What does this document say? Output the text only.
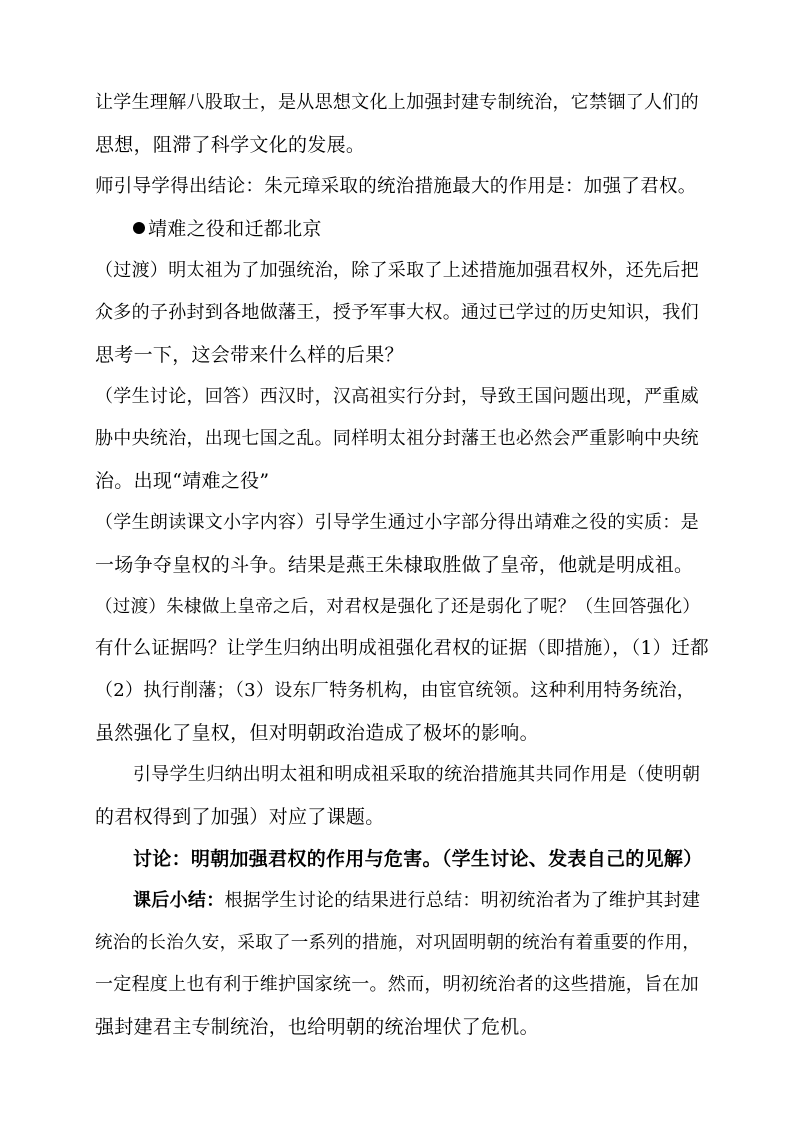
让学生理解八股取士，是从思想文化上加强封建专制统治，它禁锢了人们的
思想，阻滞了科学文化的发展。
师引导学得出结论：朱元璋采取的统治措施最大的作用是：加强了君权。
靖难之役和迁都北京
（过渡）明太祖为了加强统治，除了采取了上述措施加强君权外，还先后把
众多的子孙封到各地做藩王，授予军事大权。通过已学过的历史知识，我们
思考一下，这会带来什么样的后果？
（学生讨论，回答）西汉时，汉高祖实行分封，导致王国问题出现，严重威
胁中央统治，出现七国之乱。同样明太祖分封藩王也必然会严重影响中央统
治。出现“靖难之役”
（学生朗读课文小字内容）引导学生通过小字部分得出靖难之役的实质：是
一场争夺皇权的斗争。结果是燕王朱棣取胜做了皇帝，他就是明成祖。
（过渡）朱棣做上皇帝之后，对君权是强化了还是弱化了呢？（生回答强化）
有什么证据吗？让学生归纳出明成祖强化君权的证据（即措施），（1）迁都
（2）执行削藩；（3）设东厂特务机构，由宦官统领。这种利用特务统治，
虽然强化了皇权，但对明朝政治造成了极坏的影响。
引导学生归纳出明太祖和明成祖采取的统治措施其共同作用是（使明朝
的君权得到了加强）对应了课题。
讨论：明朝加强君权的作用与危害。（学生讨论、发表自己的见解）
课后小结：根据学生讨论的结果进行总结：明初统治者为了维护其封建
统治的长治久安，采取了一系列的措施，对巩固明朝的统治有着重要的作用，
一定程度上也有利于维护国家统一。然而，明初统治者的这些措施，旨在加
强封建君主专制统治，也给明朝的统治埋伏了危机。
